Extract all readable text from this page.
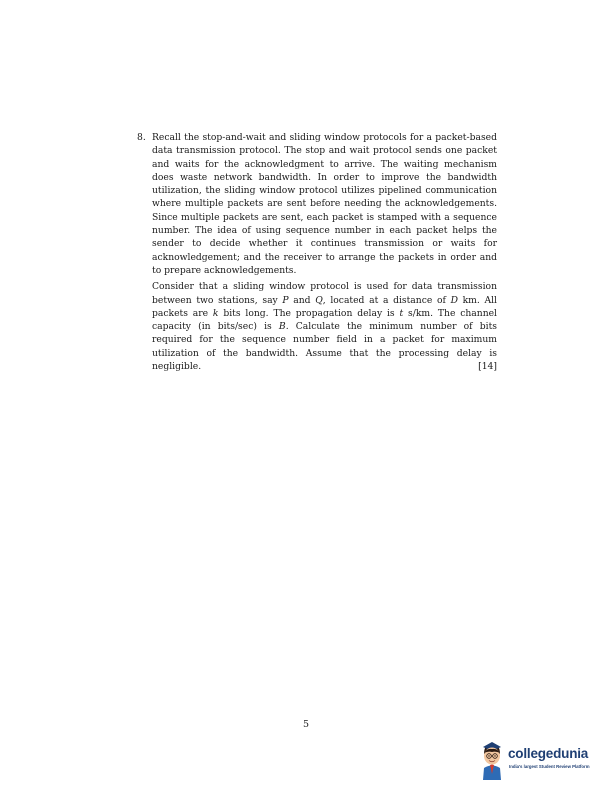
8. Recall the stop-and-wait and sliding window protocols for a packet-based data transmission protocol. The stop and wait protocol sends one packet and waits for the acknowledgment to arrive. The waiting mechanism does waste network bandwidth. In order to improve the bandwidth utilization, the sliding window protocol utilizes pipelined communication where multiple packets are sent before needing the acknowledgements. Since multiple packets are sent, each packet is stamped with a sequence number. The idea of using sequence number in each packet helps the sender to decide whether it continues transmission or waits for acknowledgement; and the receiver to arrange the packets in order and to prepare acknowledgements.

Consider that a sliding window protocol is used for data transmission between two stations, say P and Q, located at a distance of D km. All packets are k bits long. The propagation delay is t s/km. The channel capacity (in bits/sec) is B. Calculate the minimum number of bits required for the sequence number field in a packet for maximum utilization of the bandwidth. Assume that the processing delay is negligible.	[14]

5
collegedunia
India's largest Student Review Platform
